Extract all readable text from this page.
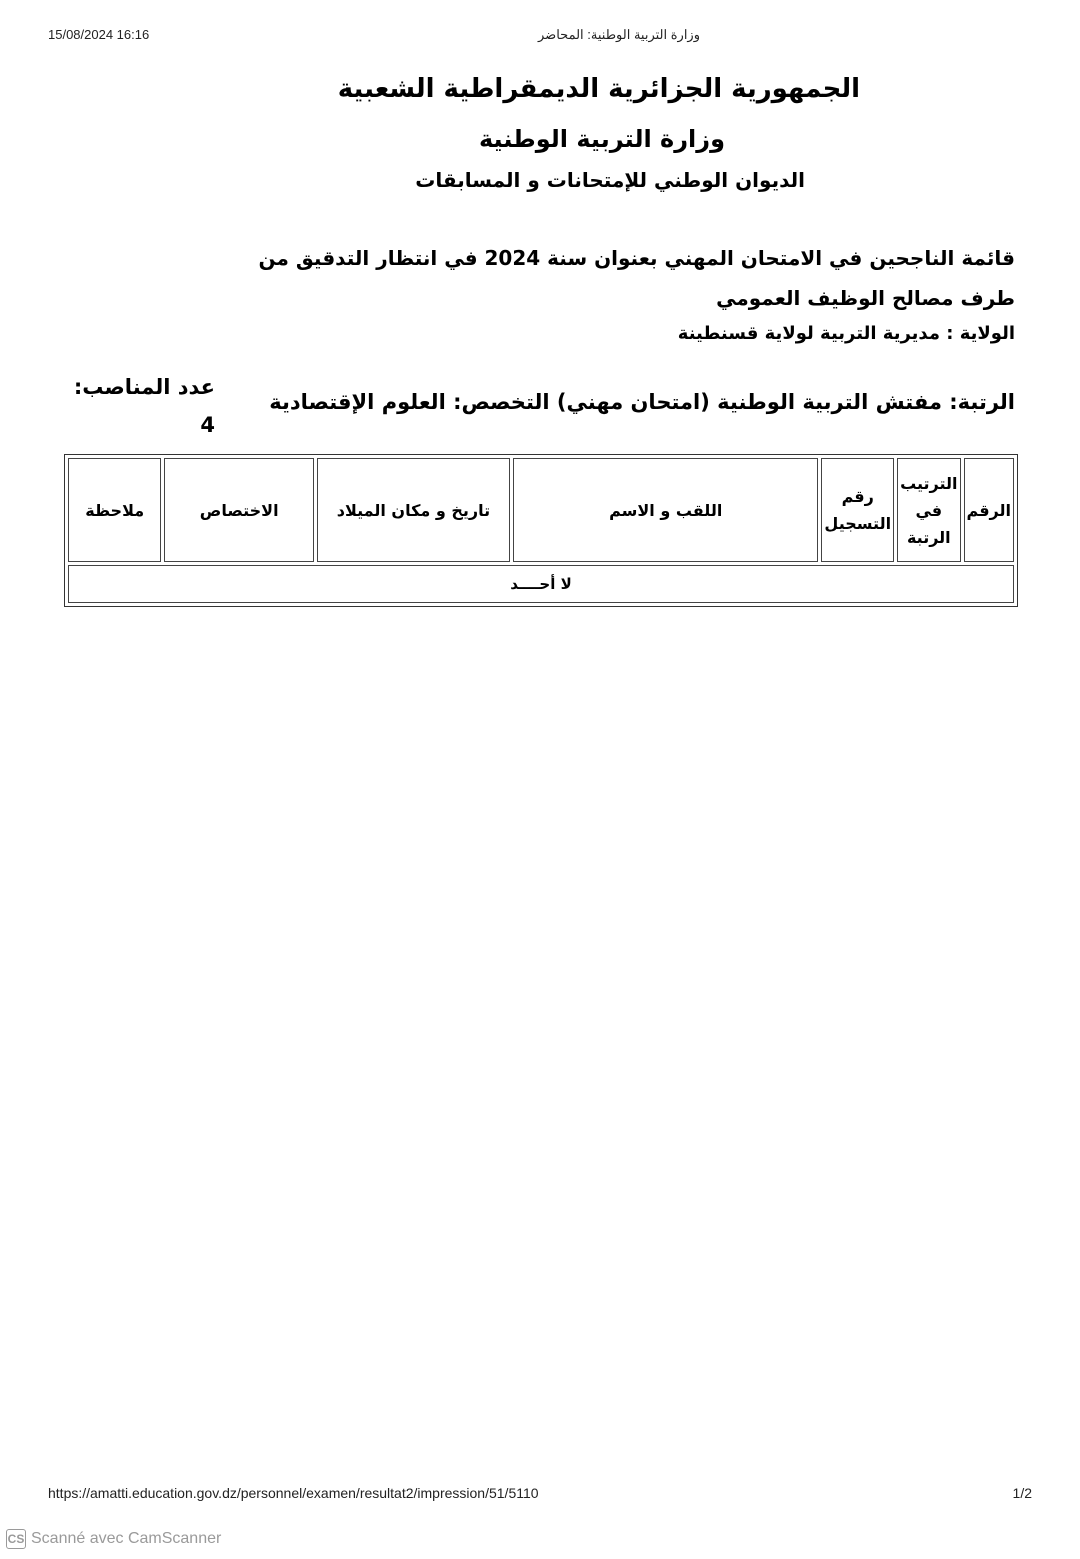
15/08/2024 16:16	وزارة التربية الوطنية: المحاضر
الجمهورية الجزائرية الديمقراطية الشعبية
وزارة التربية الوطنية
الديوان الوطني للإمتحانات و المسابقات
قائمة الناجحين في الامتحان المهني بعنوان سنة 2024 في انتظار التدقيق من طرف مصالح الوظيف العمومي
الولاية : مديرية التربية لولاية قسنطينة
الرتبة: مفتش التربية الوطنية (امتحان مهني) التخصص: العلوم الإقتصادية
عدد المناصب:
4
الرقم	الترتيب في الرتبة	رقم التسجيل	اللقب و الاسم	تاريخ و مكان الميلاد	الاختصاص	ملاحظة
لا أحــــد
https://amatti.education.gov.dz/personnel/examen/resultat2/impression/51/5110	1/2
CS Scanné avec CamScanner
